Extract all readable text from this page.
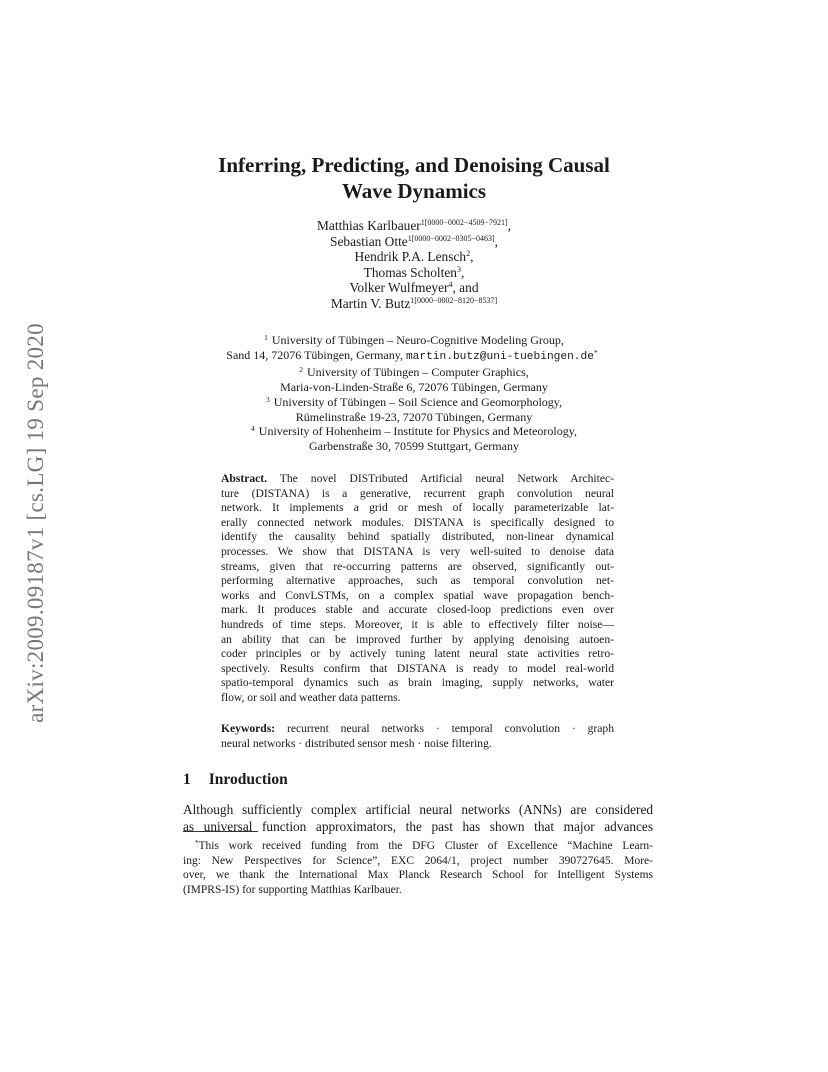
arXiv:2009.09187v1 [cs.LG] 19 Sep 2020
Inferring, Predicting, and Denoising Causal
Wave Dynamics
Matthias Karlbauer$^{1[0000-0002-4509-7921]}$,
Sebastian Otte$^{1[0000-0002-0305-0463]}$,
Hendrik P.A. Lensch$^2$,
Thomas Scholten$^3$,
Volker Wulfmeyer$^4$, and
Martin V. Butz$^{1[0000-0002-8120-8537]}$
$^1$ University of Tübingen – Neuro-Cognitive Modeling Group,
Sand 14, 72076 Tübingen, Germany, martin.butz@uni-tuebingen.de*
$^2$ University of Tübingen – Computer Graphics,
Maria-von-Linden-Straße 6, 72076 Tübingen, Germany
$^3$ University of Tübingen – Soil Science and Geomorphology,
Rümelinstraße 19-23, 72070 Tübingen, Germany
$^4$ University of Hohenheim – Institute for Physics and Meteorology,
Garbenstraße 30, 70599 Stuttgart, Germany
Abstract. The novel DISTributed Artificial neural Network Architec-
ture (DISTANA) is a generative, recurrent graph convolution neural
network. It implements a grid or mesh of locally parameterizable lat-
erally connected network modules. DISTANA is specifically designed to
identify the causality behind spatially distributed, non-linear dynamical
processes. We show that DISTANA is very well-suited to denoise data
streams, given that re-occurring patterns are observed, significantly out-
performing alternative approaches, such as temporal convolution net-
works and ConvLSTMs, on a complex spatial wave propagation bench-
mark. It produces stable and accurate closed-loop predictions even over
hundreds of time steps. Moreover, it is able to effectively filter noise—
an ability that can be improved further by applying denoising autoen-
coder principles or by actively tuning latent neural state activities retro-
spectively. Results confirm that DISTANA is ready to model real-world
spatio-temporal dynamics such as brain imaging, supply networks, water
flow, or soil and weather data patterns.
Keywords: recurrent neural networks · temporal convolution · graph
neural networks · distributed sensor mesh · noise filtering.
1 Inroduction
Although sufficiently complex artificial neural networks (ANNs) are considered
as universal function approximators, the past has shown that major advances
*This work received funding from the DFG Cluster of Excellence “Machine Learn-
ing: New Perspectives for Science”, EXC 2064/1, project number 390727645. More-
over, we thank the International Max Planck Research School for Intelligent Systems
(IMPRS-IS) for supporting Matthias Karlbauer.
